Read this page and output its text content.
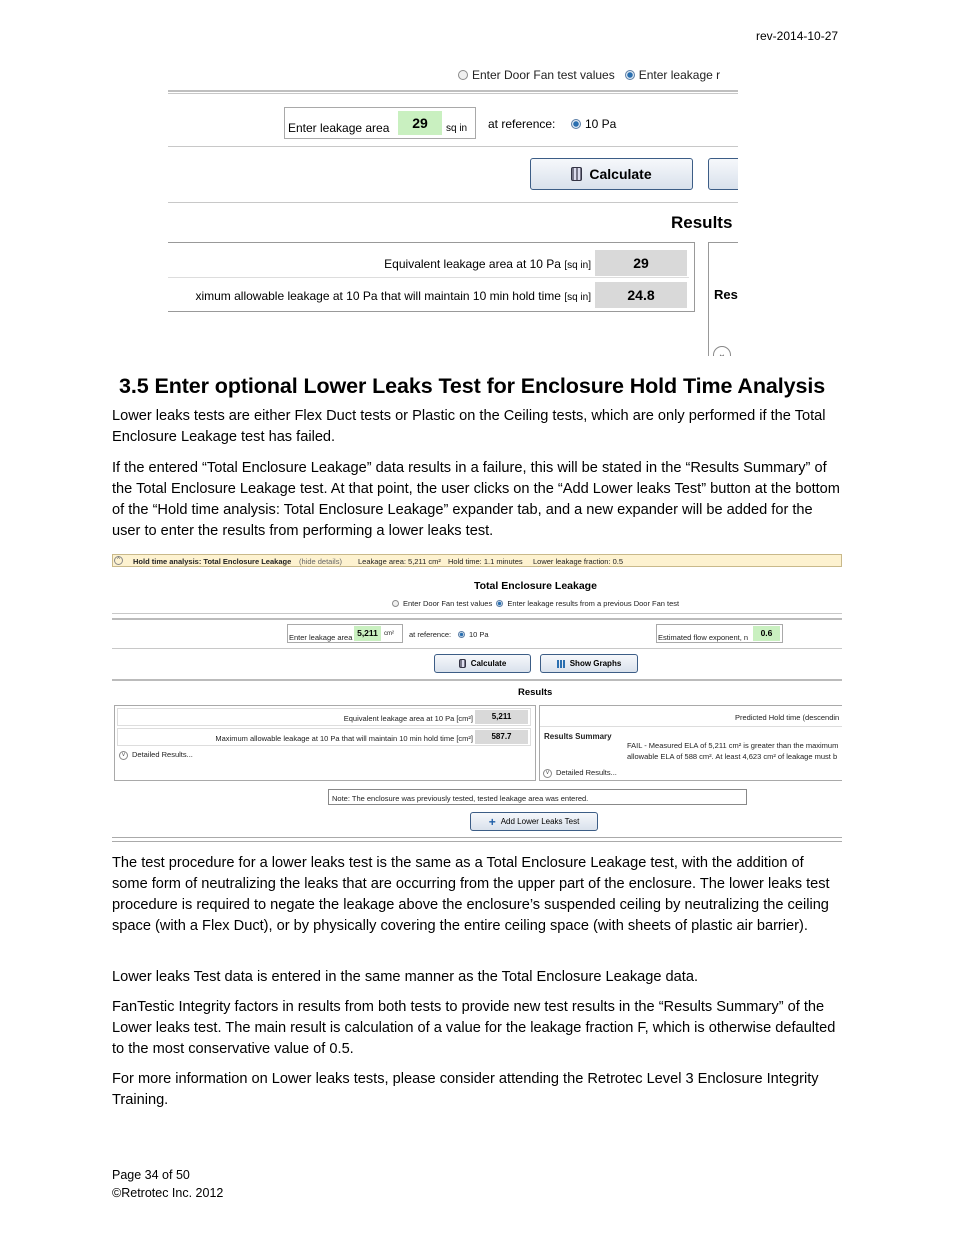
rev-2014-10-27
Enter Door Fan test values Enter leakage r
Enter leakage area	29	sq in at reference:	10 Pa
Calculate
Results
Equivalent leakage area at 10 Pa [sq in]	29
ximum allowable leakage at 10 Pa that will maintain 10 min hold time [sq in]	24.8	Res
⌄
3.5 Enter optional Lower Leaks Test for Enclosure Hold Time Analysis
Lower leaks tests are either Flex Duct tests or Plastic on the Ceiling tests, which are only performed if the Total Enclosure Leakage test has failed.
If the entered “Total Enclosure Leakage” data results in a failure, this will be stated in the “Results Summary” of the Total Enclosure Leakage test. At that point, the user clicks on the “Add Lower leaks Test” button at the bottom of the “Hold time analysis: Total Enclosure Leakage” expander tab, and a new expander will be added for the user to enter the results from performing a lower leaks test.
^	Hold time analysis: Total Enclosure Leakage (hide details) Leakage area: 5,211 cm² Hold time: 1.1 minutes Lower leakage fraction: 0.5
Total Enclosure Leakage
Enter Door Fan test values Enter leakage results from a previous Door Fan test
Enter leakage area 5,211	cm² at reference:	10 Pa	Estimated flow exponent, n	0.6
Calculate	Show Graphs
Results
Equivalent leakage area at 10 Pa [cm²]	5,211
Maximum allowable leakage at 10 Pa that will maintain 10 min hold time [cm²]	587.7
v Detailed Results...
Predicted Hold time (descendin
Results Summary
FAIL - Measured ELA of 5,211 cm² is greater than the maximum
allowable ELA of 588 cm². At least 4,623 cm² of leakage must b
v Detailed Results...
Note: The enclosure was previously tested, tested leakage area was entered.
+ Add Lower Leaks Test
The test procedure for a lower leaks test is the same as a Total Enclosure Leakage test, with the addition of some form of neutralizing the leaks that are occurring from the upper part of the enclosure. The lower leaks test procedure is required to negate the leakage above the enclosure’s suspended ceiling by neutralizing the ceiling space (with a Flex Duct), or by physically covering the entire ceiling space (with sheets of plastic air barrier).
Lower leaks Test data is entered in the same manner as the Total Enclosure Leakage data.
FanTestic Integrity factors in results from both tests to provide new test results in the “Results Summary” of the Lower leaks test. The main result is calculation of a value for the leakage fraction F, which is otherwise defaulted to the most conservative value of 0.5.
For more information on Lower leaks tests, please consider attending the Retrotec Level 3 Enclosure Integrity Training.
Page 34 of 50
©Retrotec Inc. 2012
